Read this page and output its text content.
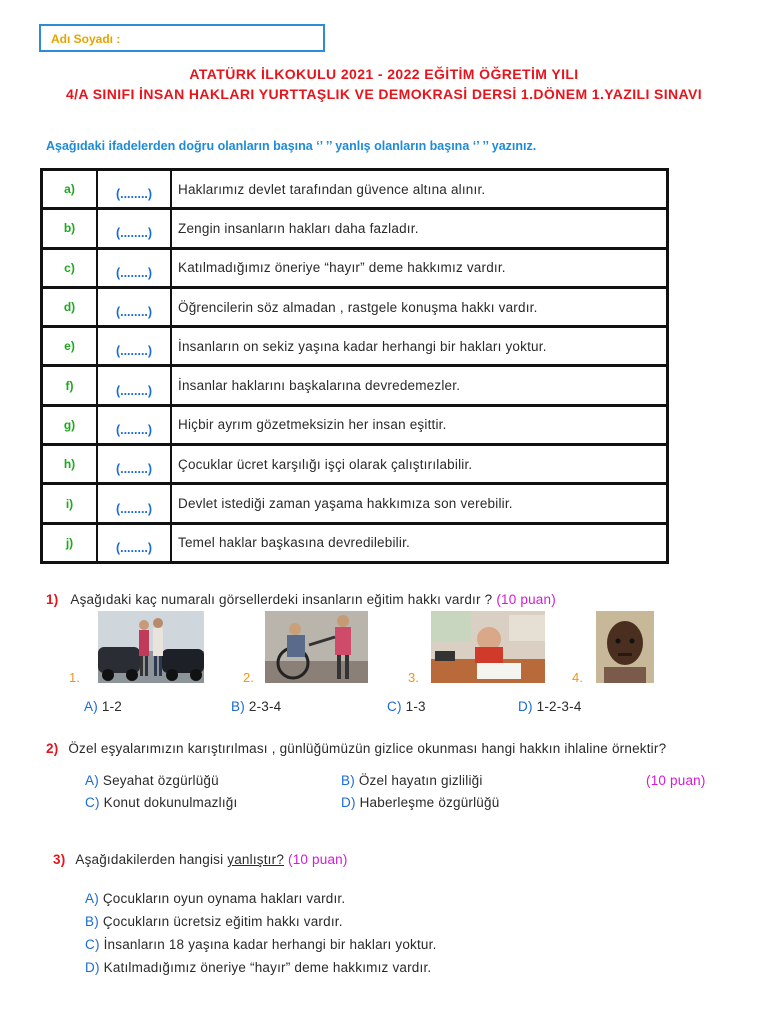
Adı Soyadı :
ATATÜRK İLKOKULU 2021 - 2022 EĞİTİM ÖĞRETİM YILI
4/A SINIFI İNSAN HAKLARI YURTTAŞLIK VE DEMOKRASİ DERSİ 1.DÖNEM 1.YAZILI SINAVI
Aşağıdaki ifadelerden doğru olanların başına ‘’ ’’ yanlış olanların başına ‘’ ’’ yazınız.
a)	(........)	Haklarımız devlet tarafından güvence altına alınır.
b)	(........)	Zengin insanların hakları daha fazladır.
c)	(........)	Katılmadığımız öneriye “hayır” deme hakkımız vardır.
d)	(........)	Öğrencilerin söz almadan , rastgele konuşma hakkı vardır.
e)	(........)	İnsanların on sekiz yaşına kadar herhangi bir hakları yoktur.
f)	(........)	İnsanlar haklarını başkalarına devredemezler.
g)	(........)	Hiçbir ayrım gözetmeksizin her insan eşittir.
h)	(........)	Çocuklar ücret karşılığı işçi olarak çalıştırılabilir.
i)	(........)	Devlet istediği zaman yaşama hakkımıza son verebilir.
j)	(........)	Temel haklar başkasına devredilebilir.
1) Aşağıdaki kaç numaralı görsellerdeki insanların eğitim hakkı vardır ? (10 puan)
1.	2.	3.	4.
A) 1-2	B) 2-3-4	C) 1-3	D) 1-2-3-4
2) Özel eşyalarımızın karıştırılması , günlüğümüzün gizlice okunması hangi hakkın ihlaline örnektir?
(10 puan)
A) Seyahat özgürlüğü	B) Özel hayatın gizliliği
C) Konut dokunulmazlığı	D) Haberleşme özgürlüğü
3) Aşağıdakilerden hangisi yanlıştır? (10 puan)
A) Çocukların oyun oynama hakları vardır.
B) Çocukların ücretsiz eğitim hakkı vardır.
C) İnsanların 18 yaşına kadar herhangi bir hakları yoktur.
D) Katılmadığımız öneriye “hayır” deme hakkımız vardır.
